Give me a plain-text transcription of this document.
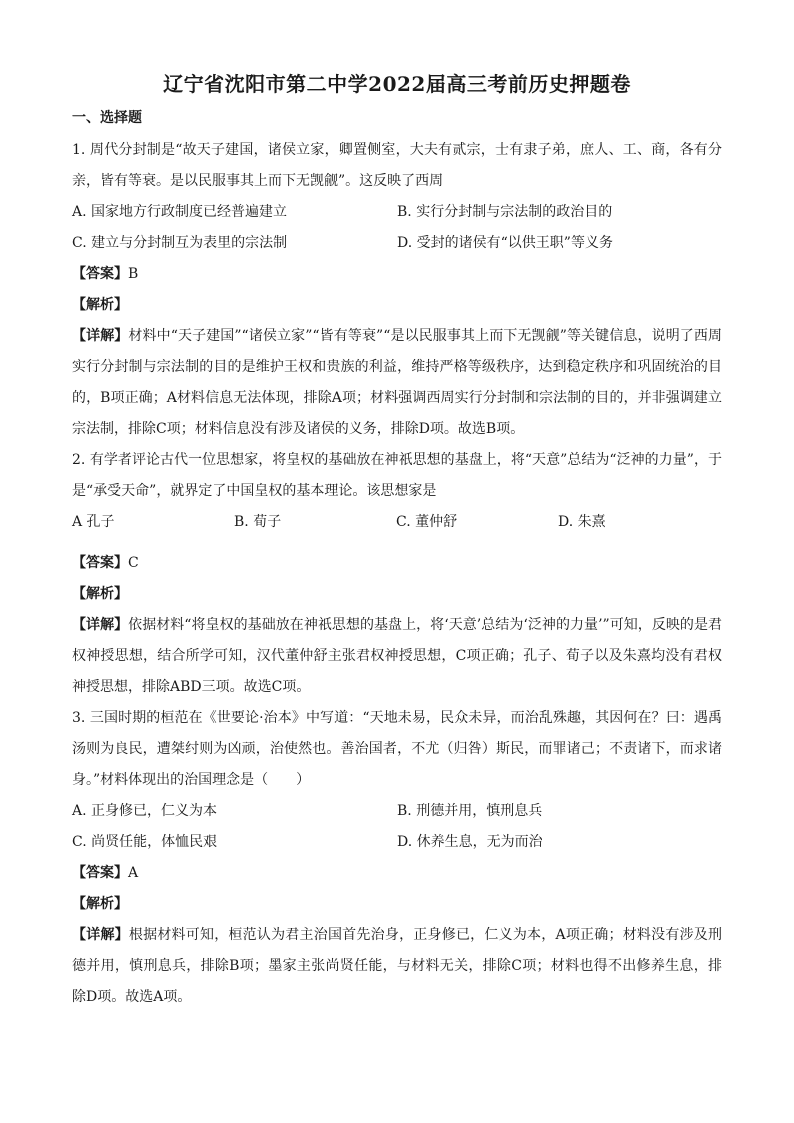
辽宁省沈阳市第二中学2022届高三考前历史押题卷
一、选择题

1. 周代分封制是“故天子建国，诸侯立家，卿置侧室，大夫有贰宗，士有隶子弟，庶人、工、商，各有分亲，皆有等衰。是以民服事其上而下无觊觎”。这反映了西周

A. 国家地方行政制度已经普遍建立	B. 实行分封制与宗法制的政治目的
C. 建立与分封制互为表里的宗法制	D. 受封的诸侯有“以供王职”等义务
【答案】B
【解析】

【详解】材料中“天子建国”“诸侯立家”“皆有等衰”“是以民服事其上而下无觊觎”等关键信息，说明了西周实行分封制与宗法制的目的是维护王权和贵族的利益，维持严格等级秩序，达到稳定秩序和巩固统治的目的，B项正确；A材料信息无法体现，排除A项；材料强调西周实行分封制和宗法制的目的，并非强调建立宗法制，排除C项；材料信息没有涉及诸侯的义务，排除D项。故选B项。

2. 有学者评论古代一位思想家，将皇权的基础放在神祇思想的基盘上，将“天意”总结为“泛神的力量”，于是“承受天命”，就界定了中国皇权的基本理论。该思想家是

A 孔子	B. 荀子	C. 董仲舒	D. 朱熹
【答案】C
【解析】

【详解】依据材料“将皇权的基础放在神祇思想的基盘上，将‘天意’总结为‘泛神的力量’”可知，反映的是君权神授思想，结合所学可知，汉代董仲舒主张君权神授思想，C项正确；孔子、荀子以及朱熹均没有君权神授思想，排除ABD三项。故选C项。

3. 三国时期的桓范在《世要论·治本》中写道：“天地未易，民众未异，而治乱殊趣，其因何在？曰：遇禹汤则为良民，遭桀纣则为凶顽，治使然也。善治国者，不尤（归咎）斯民，而罪诸己；不责诸下，而求诸身。”材料体现出的治国理念是（　　）

A. 正身修已，仁义为本	B. 刑德并用，慎刑息兵
C. 尚贤任能，体恤民艰	D. 休养生息，无为而治
【答案】A
【解析】

【详解】根据材料可知，桓范认为君主治国首先治身，正身修已，仁义为本，A项正确；材料没有涉及刑德并用，慎刑息兵，排除B项；墨家主张尚贤任能，与材料无关，排除C项；材料也得不出修养生息，排除D项。故选A项。
